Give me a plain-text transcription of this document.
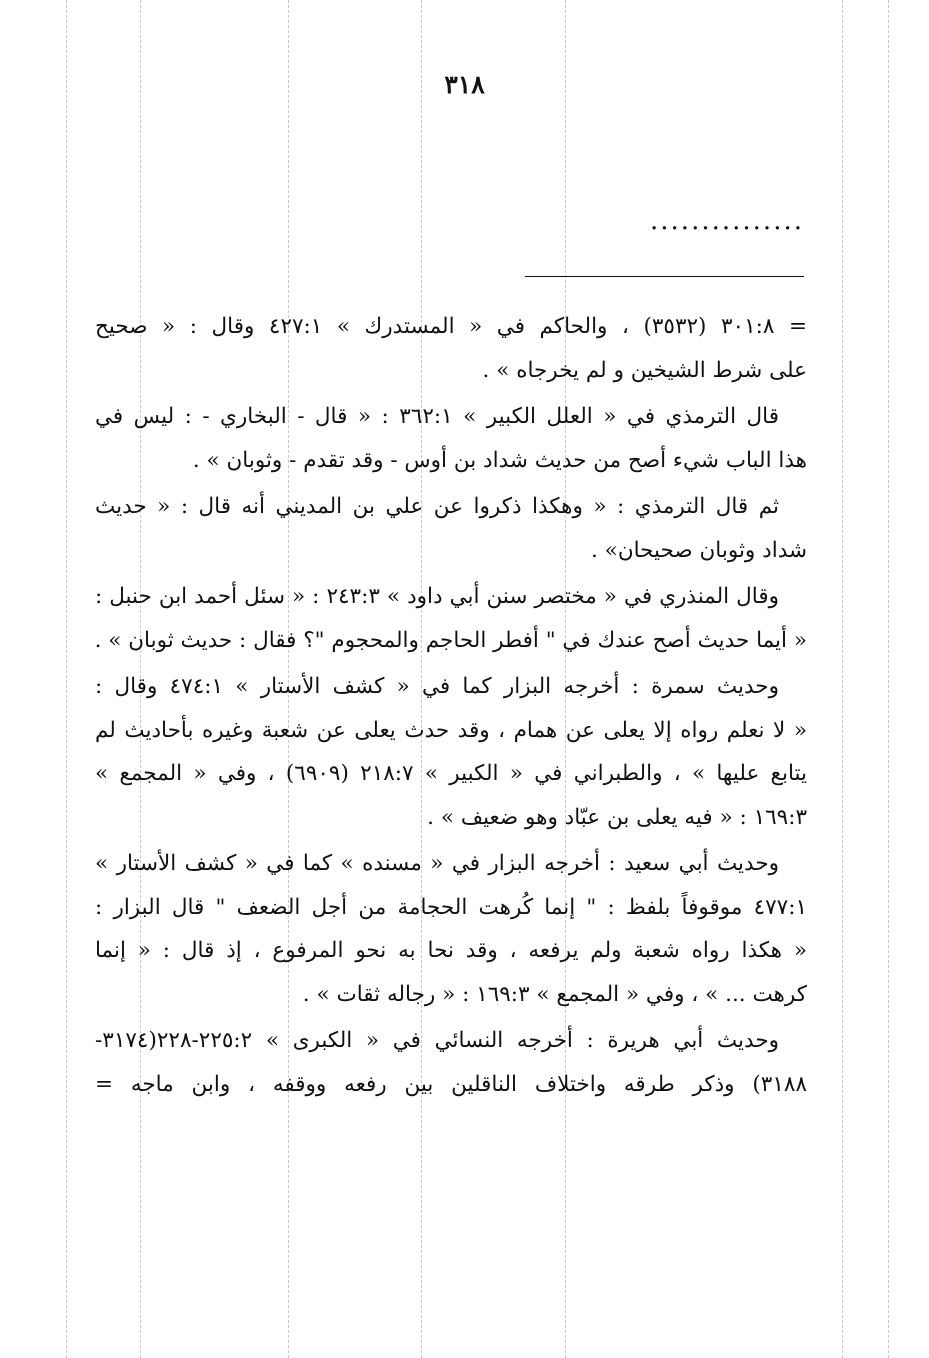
٣١٨
...............
= ٣٠١:٨ (٣٥٣٢) ، والحاكم في « المستدرك » ٤٢٧:١ وقال : « صحيح
على شرط الشيخين و لم يخرجاه » .
قال الترمذي في « العلل الكبير » ٣٦٢:١ : « قال - البخاري - : ليس في
هذا الباب شيء أصح من حديث شداد بن أوس - وقد تقدم - وثوبان » .
ثم قال الترمذي : « وهكذا ذكروا عن علي بن المديني أنه قال : « حديث
شداد وثوبان صحيحان» .
وقال المنذري في « مختصر سنن أبي داود » ٢٤٣:٣ : « سئل أحمد ابن حنبل :
« أيما حديث أصح عندك في " أفطر الحاجم والمحجوم "؟ فقال : حديث ثوبان » .
وحديث سمرة : أخرجه البزار كما في « كشف الأستار » ٤٧٤:١ وقال :
« لا نعلم رواه إلا يعلى عن همام ، وقد حدث يعلى عن شعبة وغيره بأحاديث لم
يتابع عليها » ، والطبراني في « الكبير » ٢١٨:٧ (٦٩٠٩) ، وفي « المجمع »
١٦٩:٣ : « فيه يعلى بن عبّاد وهو ضعيف » .
وحديث أبي سعيد : أخرجه البزار في « مسنده » كما في « كشف الأستار »
٤٧٧:١ موقوفاً بلفظ : " إنما كُرهت الحجامة من أجل الضعف " قال البزار :
« هكذا رواه شعبة ولم يرفعه ، وقد نحا به نحو المرفوع ، إذ قال : « إنما
كرهت ... » ، وفي « المجمع » ١٦٩:٣ : « رجاله ثقات » .
وحديث أبي هريرة : أخرجه النسائي في « الكبرى » ٢٢٥:٢-٢٢٨(٣١٧٤-
٣١٨٨) وذكر طرقه واختلاف الناقلين بين رفعه ووقفه ، وابن ماجه =
